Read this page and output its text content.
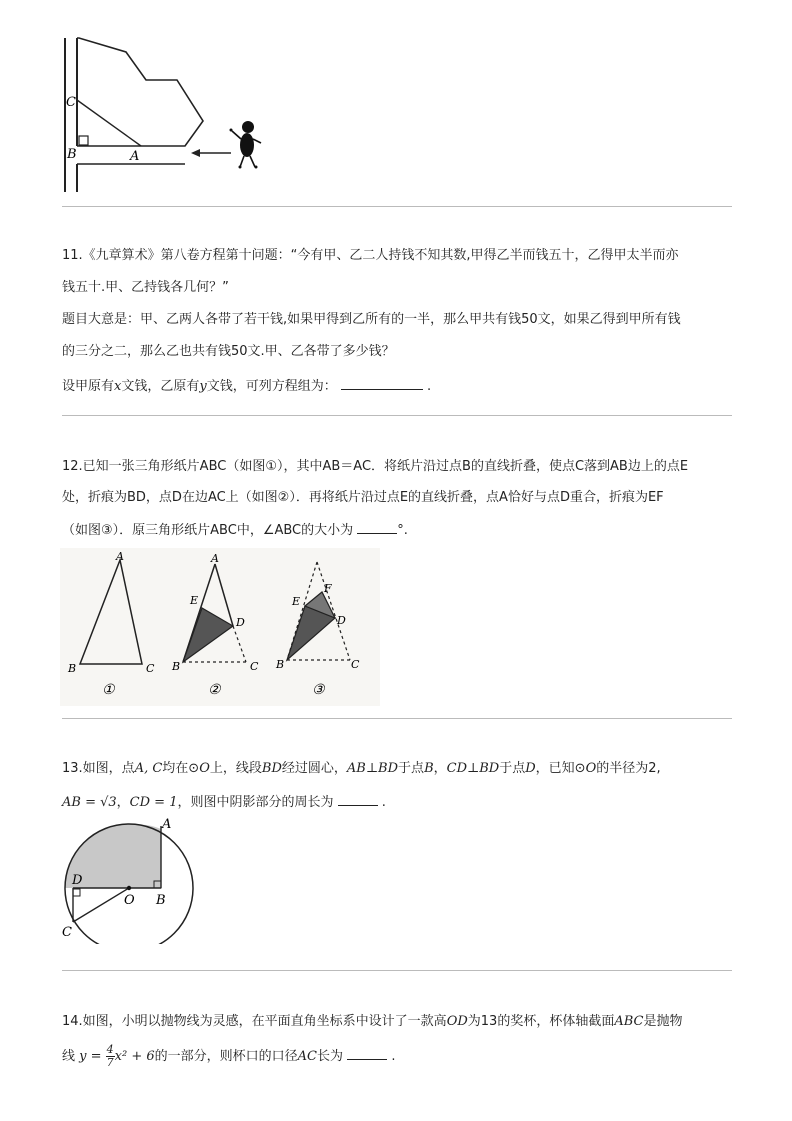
C
B	A
11.《九章算术》第八卷方程第十问题：“今有甲、乙二人持钱不知其数,甲得乙半而钱五十，乙得甲太半而亦
钱五十.甲、乙持钱各几何？”
题目大意是：甲、乙两人各带了若干钱,如果甲得到乙所有的一半，那么甲共有钱50文，如果乙得到甲所有钱
的三分之二，那么乙也共有钱50文.甲、乙各带了多少钱？
设甲原有x文钱，乙原有y文钱，可列方程组为：	.
12.已知一张三角形纸片ABC（如图①），其中AB＝AC．将纸片沿过点B的直线折叠，使点C落到AB边上的点E
处，折痕为BD，点D在边AC上（如图②）．再将纸片沿过点E的直线折叠，点A恰好与点D重合，折痕为EF
（如图③）．原三角形纸片ABC中，∠ABC的大小为	°.
A
B	C
①
A
E
D
B	C
②
E
F
D
B	C
③
13.如图，点A, C均在⊙O上，线段BD经过圆心，AB⊥BD于点B，CD⊥BD于点D，已知⊙O的半径为2,
AB = √3，CD = 1，则图中阴影部分的周长为	.
A
D
O B
C
14.如图，小明以抛物线为灵感，在平面直角坐标系中设计了一款高OD为13的奖杯，杯体轴截面ABC是抛物
线 $y = \frac{4}{7} x^2 + 6$的一部分，则杯口的口径AC长为	.
